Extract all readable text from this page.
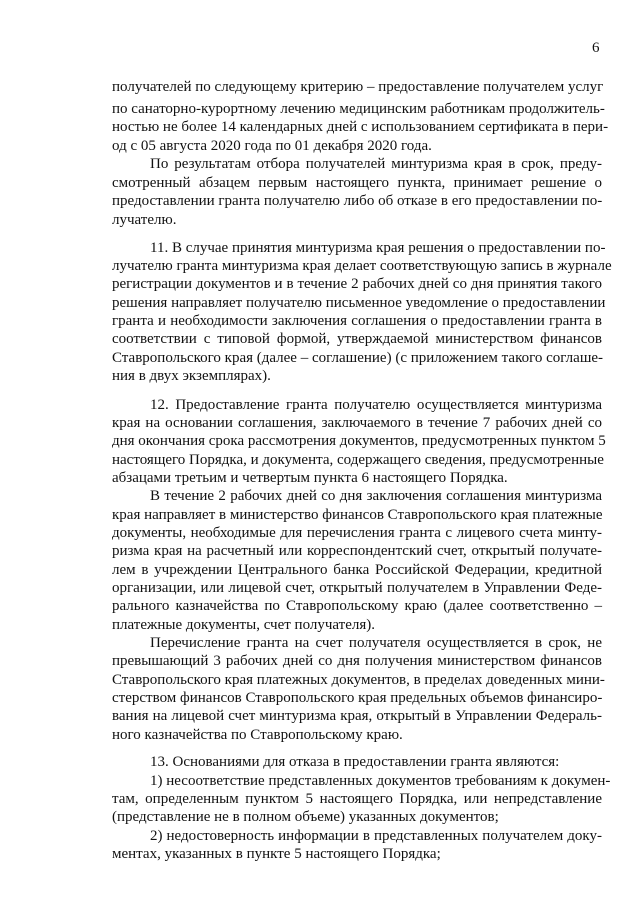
6
получателей по следующему критерию – предоставление получателем услуг
по санаторно-курортному лечению медицинским работникам продолжитель-
ностью не более 14 календарных дней с использованием сертификата в пери-
од с 05 августа 2020 года по 01 декабря 2020 года.
По результатам отбора получателей минтуризма края в срок, преду-
смотренный абзацем первым настоящего пункта, принимает решение о
предоставлении гранта получателю либо об отказе в его предоставлении по-
лучателю.
11. В случае принятия минтуризма края решения о предоставлении по-
лучателю гранта минтуризма края делает соответствующую запись в журнале
регистрации документов и в течение 2 рабочих дней со дня принятия такого
решения направляет получателю письменное уведомление о предоставлении
гранта и необходимости заключения соглашения о предоставлении гранта в
соответствии с типовой формой, утверждаемой министерством финансов
Ставропольского края (далее – соглашение) (с приложением такого соглаше-
ния в двух экземплярах).
12. Предоставление гранта получателю осуществляется минтуризма
края на основании соглашения, заключаемого в течение 7 рабочих дней со
дня окончания срока рассмотрения документов, предусмотренных пунктом 5
настоящего Порядка, и документа, содержащего сведения, предусмотренные
абзацами третьим и четвертым пункта 6 настоящего Порядка.
В течение 2 рабочих дней со дня заключения соглашения минтуризма
края направляет в министерство финансов Ставропольского края платежные
документы, необходимые для перечисления гранта с лицевого счета минту-
ризма края на расчетный или корреспондентский счет, открытый получате-
лем в учреждении Центрального банка Российской Федерации, кредитной
организации, или лицевой счет, открытый получателем в Управлении Феде-
рального казначейства по Ставропольскому краю (далее соответственно –
платежные документы, счет получателя).
Перечисление гранта на счет получателя осуществляется в срок, не
превышающий 3 рабочих дней со дня получения министерством финансов
Ставропольского края платежных документов, в пределах доведенных мини-
стерством финансов Ставропольского края предельных объемов финансиро-
вания на лицевой счет минтуризма края, открытый в Управлении Федераль-
ного казначейства по Ставропольскому краю.
13. Основаниями для отказа в предоставлении гранта являются:
1) несоответствие представленных документов требованиям к докумен-
там, определенным пунктом 5 настоящего Порядка, или непредставление
(представление не в полном объеме) указанных документов;
2) недостоверность информации в представленных получателем доку-
ментах, указанных в пункте 5 настоящего Порядка;
